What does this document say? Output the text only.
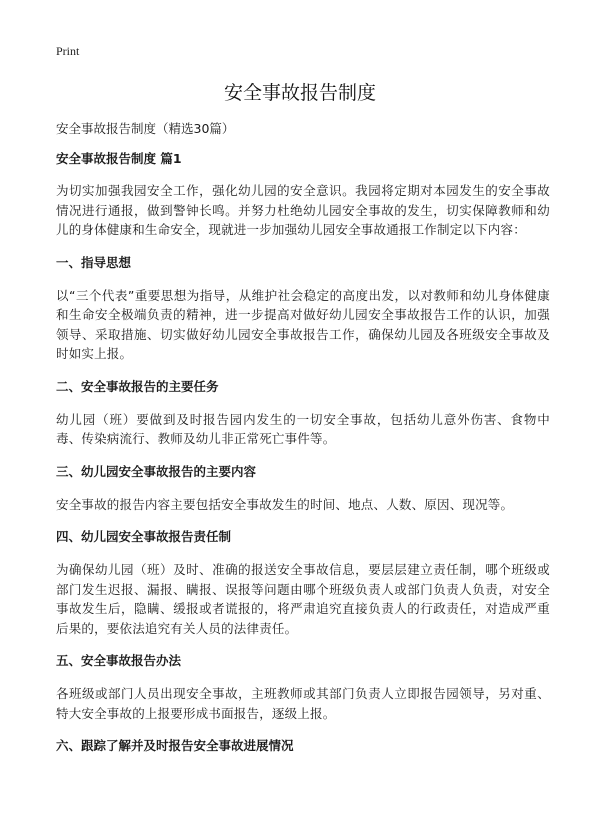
Print
安全事故报告制度

安全事故报告制度（精选30篇）

安全事故报告制度 篇1

为切实加强我园安全工作，强化幼儿园的安全意识。我园将定期对本园发生的安全事故情况进行通报，做到警钟长鸣。并努力杜绝幼儿园安全事故的发生，切实保障教师和幼儿的身体健康和生命安全，现就进一步加强幼儿园安全事故通报工作制定以下内容：

一、指导思想

以“三个代表”重要思想为指导，从维护社会稳定的高度出发，以对教师和幼儿身体健康和生命安全极端负责的精神，进一步提高对做好幼儿园安全事故报告工作的认识，加强领导、采取措施、切实做好幼儿园安全事故报告工作，确保幼儿园及各班级安全事故及时如实上报。

二、安全事故报告的主要任务

幼儿园（班）要做到及时报告园内发生的一切安全事故，包括幼儿意外伤害、食物中毒、传染病流行、教师及幼儿非正常死亡事件等。

三、幼儿园安全事故报告的主要内容

安全事故的报告内容主要包括安全事故发生的时间、地点、人数、原因、现况等。

四、幼儿园安全事故报告责任制

为确保幼儿园（班）及时、准确的报送安全事故信息，要层层建立责任制，哪个班级或部门发生迟报、漏报、瞒报、误报等问题由哪个班级负责人或部门负责人负责，对安全事故发生后，隐瞒、缓报或者谎报的，将严肃追究直接负责人的行政责任，对造成严重后果的，要依法追究有关人员的法律责任。

五、安全事故报告办法

各班级或部门人员出现安全事故，主班教师或其部门负责人立即报告园领导，另对重、特大安全事故的上报要形成书面报告，逐级上报。

六、跟踪了解并及时报告安全事故进展情况
